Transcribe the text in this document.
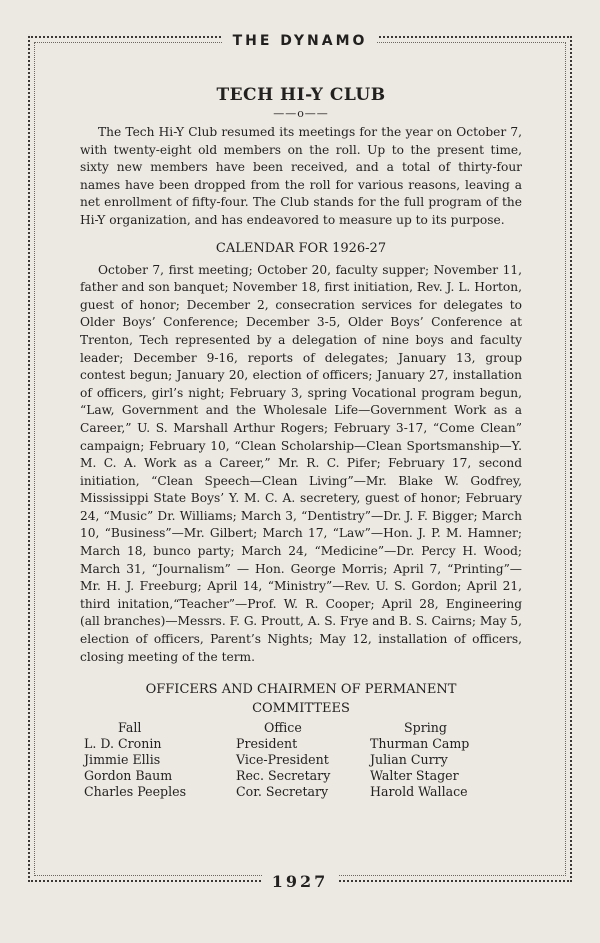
THE DYNAMO
TECH HI-Y CLUB
——o——

The Tech Hi-Y Club resumed its meetings for the year on October 7, with twenty-eight old members on the roll. Up to the present time, sixty new members have been received, and a total of thirty-four names have been dropped from the roll for various reasons, leaving a net enrollment of fifty-four. The Club stands for the full program of the Hi-Y organization, and has endeavored to measure up to its purpose.

CALENDAR FOR 1926-27

October 7, first meeting; October 20, faculty supper; November 11, father and son banquet; November 18, first initiation, Rev. J. L. Horton, guest of honor; December 2, consecration services for delegates to Older Boys’ Conference; December 3-5, Older Boys’ Conference at Trenton, Tech represented by a delegation of nine boys and faculty leader; December 9-16, reports of delegates; January 13, group contest begun; January 20, election of officers; January 27, installation of officers, girl’s night; February 3, spring Vocational program begun, “Law, Government and the Wholesale Life—Government Work as a Career,” U. S. Marshall Arthur Rogers; February 3-17, “Come Clean” campaign; February 10, “Clean Scholarship—Clean Sportsmanship—Y. M. C. A. Work as a Career,” Mr. R. C. Pifer; February 17, second initiation, “Clean Speech—Clean Living”—Mr. Blake W. Godfrey, Mississippi State Boys’ Y. M. C. A. secretery, guest of honor; February 24, “Music” Dr. Williams; March 3, “Dentistry”—Dr. J. F. Bigger; March 10, “Business”—Mr. Gilbert; March 17, “Law”—Hon. J. P. M. Hamner; March 18, bunco party; March 24, “Medicine”—Dr. Percy H. Wood; March 31, “Journalism” — Hon. George Morris; April 7, “Printing”— Mr. H. J. Freeburg; April 14, “Ministry”—Rev. U. S. Gordon; April 21, third initation,“Teacher”—Prof. W. R. Cooper; April 28, Engineering (all branches)—Messrs. F. G. Proutt, A. S. Frye and B. S. Cairns; May 5, election of officers, Parent’s Nights; May 12, installation of officers, closing meeting of the term.

OFFICERS AND CHAIRMEN OF PERMANENT
COMMITTEES
Fall	Office	Spring
L. D. Cronin	President	Thurman Camp
Jimmie Ellis	Vice-President	Julian Curry
Gordon Baum	Rec. Secretary	Walter Stager
Charles Peeples	Cor. Secretary	Harold Wallace
1927
